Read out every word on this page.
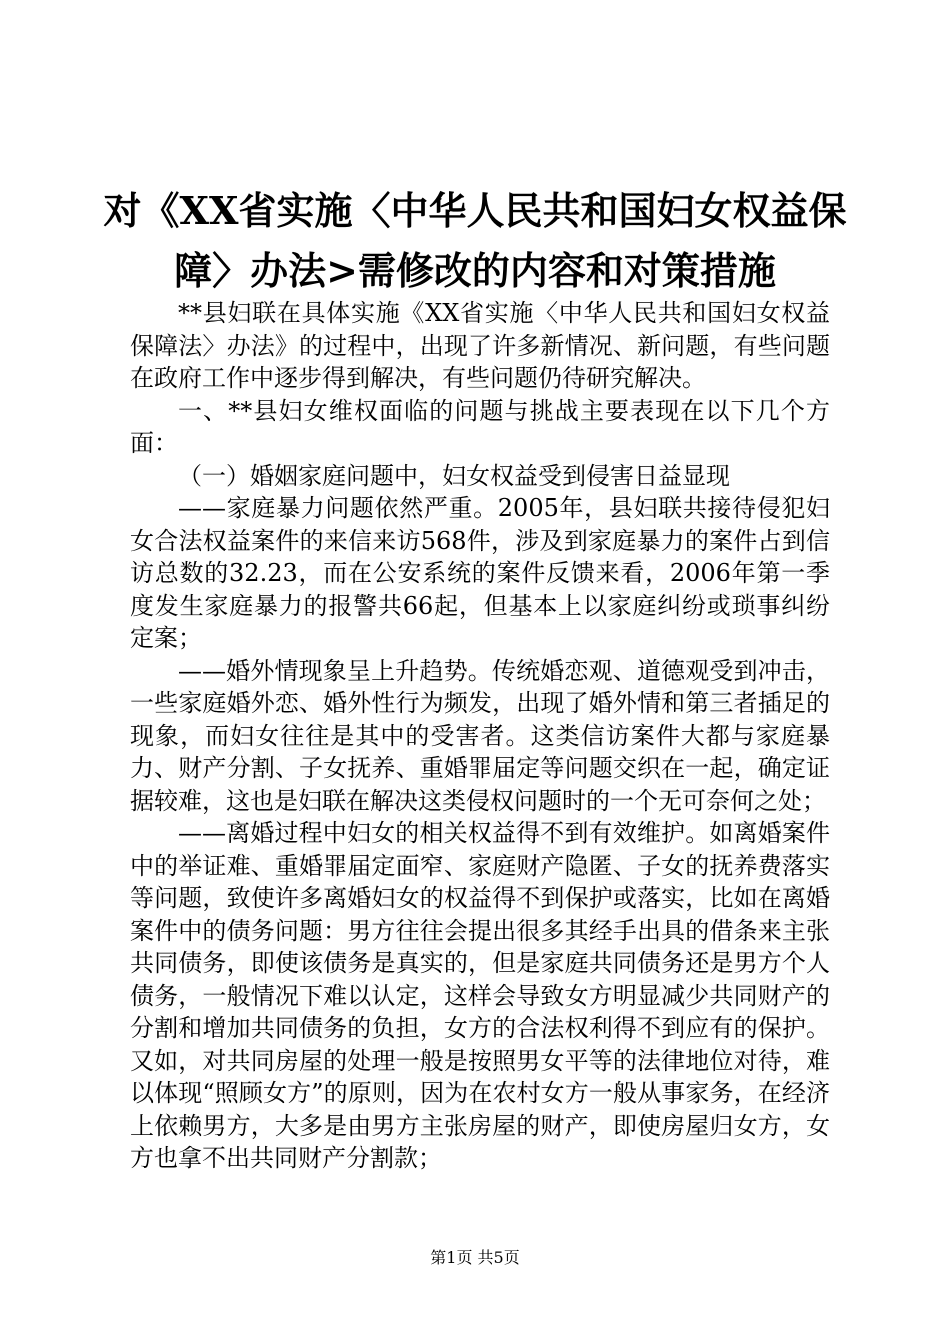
对《XX省实施〈中华人民共和国妇女权益保
障〉办法>需修改的内容和对策措施

**县妇联在具体实施《XX省实施〈中华人民共和国妇女权益保障法〉办法》的过程中，出现了许多新情况、新问题，有些问题在政府工作中逐步得到解决，有些问题仍待研究解决。

一、**县妇女维权面临的问题与挑战主要表现在以下几个方面：

（一）婚姻家庭问题中，妇女权益受到侵害日益显现

——家庭暴力问题依然严重。2005年，县妇联共接待侵犯妇女合法权益案件的来信来访568件，涉及到家庭暴力的案件占到信访总数的32.23，而在公安系统的案件反馈来看，2006年第一季度发生家庭暴力的报警共66起，但基本上以家庭纠纷或琐事纠纷定案；

——婚外情现象呈上升趋势。传统婚恋观、道德观受到冲击，一些家庭婚外恋、婚外性行为频发，出现了婚外情和第三者插足的现象，而妇女往往是其中的受害者。这类信访案件大都与家庭暴力、财产分割、子女抚养、重婚罪届定等问题交织在一起，确定证据较难，这也是妇联在解决这类侵权问题时的一个无可奈何之处；

——离婚过程中妇女的相关权益得不到有效维护。如离婚案件中的举证难、重婚罪届定面窄、家庭财产隐匿、子女的抚养费落实等问题，致使许多离婚妇女的权益得不到保护或落实，比如在离婚案件中的债务问题：男方往往会提出很多其经手出具的借条来主张共同债务，即使该债务是真实的，但是家庭共同债务还是男方个人债务，一般情况下难以认定，这样会导致女方明显减少共同财产的分割和增加共同债务的负担，女方的合法权利得不到应有的保护。又如，对共同房屋的处理一般是按照男女平等的法律地位对待，难以体现“照顾女方”的原则，因为在农村女方一般从事家务，在经济上依赖男方，大多是由男方主张房屋的财产，即使房屋归女方，女方也拿不出共同财产分割款；

第1页 共5页
